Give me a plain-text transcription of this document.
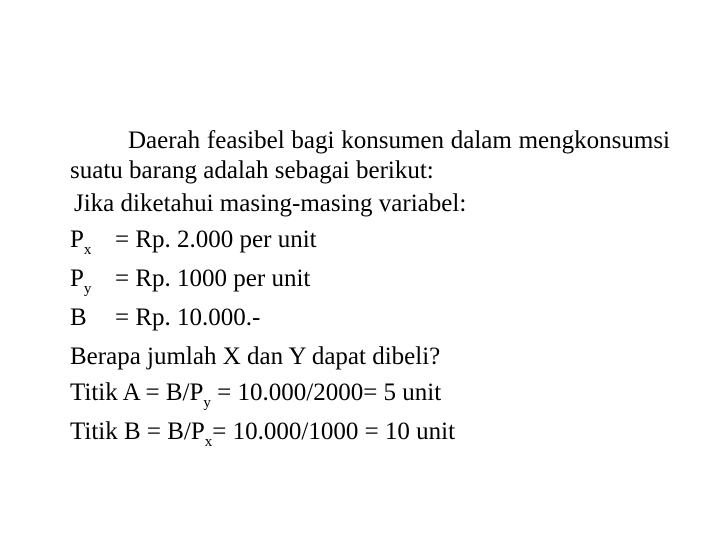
Daerah feasibel bagi konsumen dalam mengkonsumsi suatu barang adalah sebagai berikut:
Jika diketahui masing-masing variabel:
$P_x = Rp$. 2.000 per unit
$P_y = Rp$. 1000 per unit
B = Rp. 10.000.-
Berapa jumlah X dan Y dapat dibeli?
Titik $A = B/P_y = 10.000/2000= 5$ unit
Titik $B = B/P_x= 10.000/1000 = 10$ unit
